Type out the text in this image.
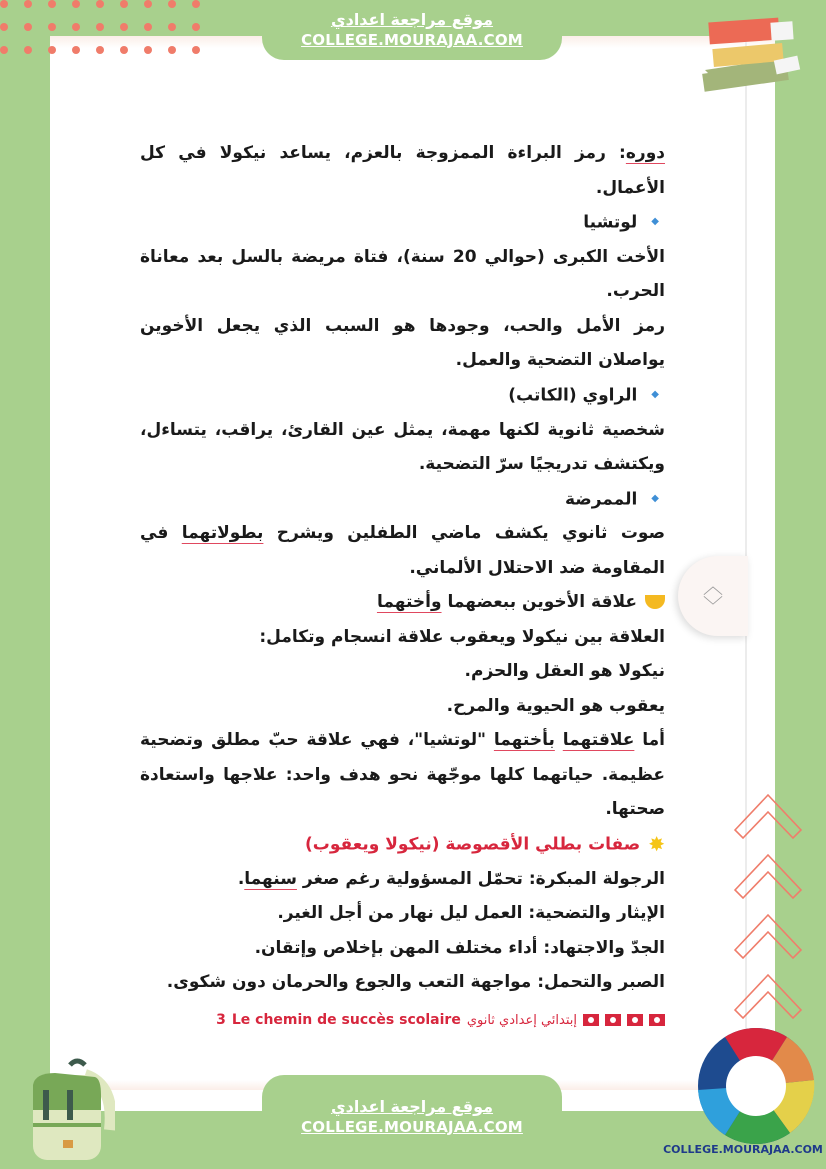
موقع مراجعة اعدادي
COLLEGE.MOURAJAA.COM

دوره: رمز البراءة الممزوجة بالعزم، يساعد نيكولا في كل الأعمال.

◆ لوتشيا

الأخت الكبرى (حوالي 20 سنة)، فتاة مريضة بالسل بعد معاناة الحرب.

رمز الأمل والحب، وجودها هو السبب الذي يجعل الأخوين يواصلان التضحية والعمل.

◆ الراوي (الكاتب)

شخصية ثانوية لكنها مهمة، يمثل عين القارئ، يراقب، يتساءل، ويكتشف تدريجيًا سرّ التضحية.

◆ الممرضة

صوت ثانوي يكشف ماضي الطفلين ويشرح بطولاتهما في المقاومة ضد الاحتلال الألماني.

علاقة الأخوين ببعضهما وأختهما

العلاقة بين نيكولا ويعقوب علاقة انسجام وتكامل:

نيكولا هو العقل والحزم.

يعقوب هو الحيوية والمرح.

أما علاقتهما بأختهما "لوتشيا"، فهي علاقة حبّ مطلق وتضحية عظيمة. حياتهما كلها موجّهة نحو هدف واحد: علاجها واستعادة صحتها.

✸صفات بطلي الأقصوصة (نيكولا ويعقوب)

الرجولة المبكرة: تحمّل المسؤولية رغم صغر سنهما.

الإيثار والتضحية: العمل ليل نهار من أجل الغير.

الجدّ والاجتهاد: أداء مختلف المهن بإخلاص وإتقان.

الصبر والتحمل: مواجهة التعب والجوع والحرمان دون شكوى.

إبتدائي إعدادي ثانوي
Le chemin de succès scolaire
3
︿
﹀
COLLEGE.MOURAJAA.COM
موقع مراجعة اعدادي
COLLEGE.MOURAJAA.COM
